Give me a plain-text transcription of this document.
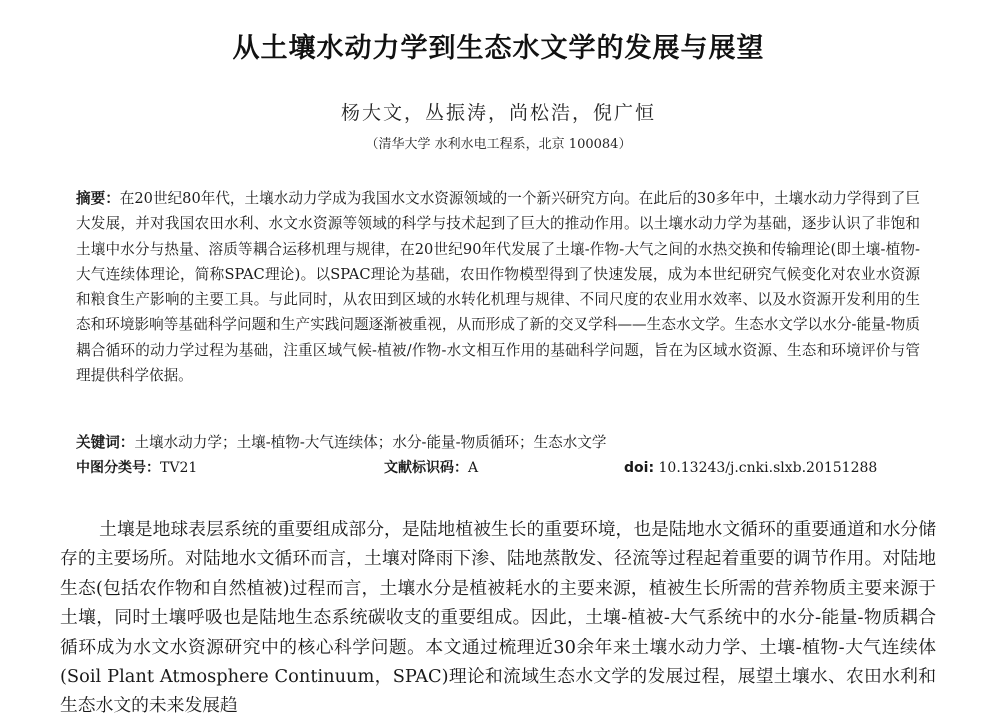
从土壤水动力学到生态水文学的发展与展望
杨大文，丛振涛，尚松浩，倪广恒
（清华大学 水利水电工程系，北京 100084）
摘要：在20世纪80年代，土壤水动力学成为我国水文水资源领域的一个新兴研究方向。在此后的30多年中，土壤水动力学得到了巨大发展，并对我国农田水利、水文水资源等领域的科学与技术起到了巨大的推动作用。以土壤水动力学为基础，逐步认识了非饱和土壤中水分与热量、溶质等耦合运移机理与规律，在20世纪90年代发展了土壤-作物-大气之间的水热交换和传输理论(即土壤-植物-大气连续体理论，简称SPAC理论)。以SPAC理论为基础，农田作物模型得到了快速发展，成为本世纪研究气候变化对农业水资源和粮食生产影响的主要工具。与此同时，从农田到区域的水转化机理与规律、不同尺度的农业用水效率、以及水资源开发利用的生态和环境影响等基础科学问题和生产实践问题逐渐被重视，从而形成了新的交叉学科——生态水文学。生态水文学以水分-能量-物质耦合循环的动力学过程为基础，注重区域气候-植被/作物-水文相互作用的基础科学问题，旨在为区域水资源、生态和环境评价与管理提供科学依据。
关键词：土壤水动力学；土壤-植物-大气连续体；水分-能量-物质循环；生态水文学
中图分类号：TV21	文献标识码：A	doi: 10.13243/j.cnki.slxb.20151288

土壤是地球表层系统的重要组成部分，是陆地植被生长的重要环境，也是陆地水文循环的重要通道和水分储存的主要场所。对陆地水文循环而言，土壤对降雨下渗、陆地蒸散发、径流等过程起着重要的调节作用。对陆地生态(包括农作物和自然植被)过程而言，土壤水分是植被耗水的主要来源，植被生长所需的营养物质主要来源于土壤，同时土壤呼吸也是陆地生态系统碳收支的重要组成。因此，土壤-植被-大气系统中的水分-能量-物质耦合循环成为水文水资源研究中的核心科学问题。本文通过梳理近30余年来土壤水动力学、土壤-植物-大气连续体(Soil Plant Atmosphere Continuum，SPAC)理论和流域生态水文学的发展过程，展望土壤水、农田水利和生态水文的未来发展趋
